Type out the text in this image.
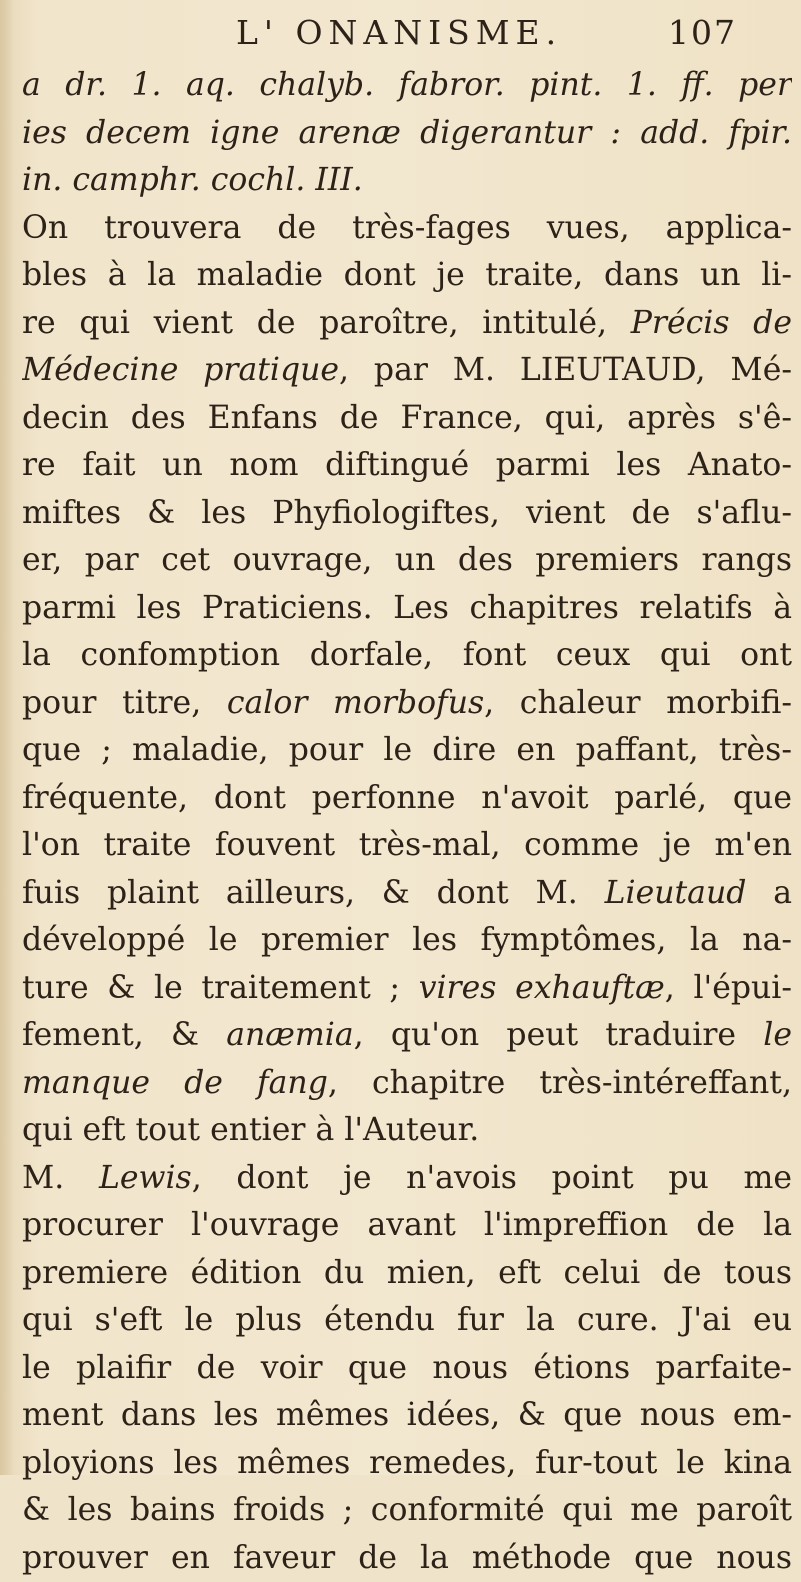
L' ONANISME.	107
a dr. 1. aq. chalyb. fabror. pint. 1. ff. per
ies decem igne arenæ digerantur : add. fpir.
in. camphr. cochl. III.
On trouvera de très-fages vues, applica-
bles à la maladie dont je traite, dans un li-
re qui vient de paroître, intitulé, Précis de
Médecine pratique, par M. LIEUTAUD, Mé-
decin des Enfans de France, qui, après s'ê-
re fait un nom diftingué parmi les Anato-
miftes & les Phyfiologiftes, vient de s'aflu-
er, par cet ouvrage, un des premiers rangs
parmi les Praticiens. Les chapitres relatifs à
la confomption dorfale, font ceux qui ont
pour titre, calor morbofus, chaleur morbifi-
que ; maladie, pour le dire en paffant, très-
fréquente, dont perfonne n'avoit parlé, que
l'on traite fouvent très-mal, comme je m'en
fuis plaint ailleurs, & dont M. Lieutaud a
développé le premier les fymptômes, la na-
ture & le traitement ; vires exhauftæ, l'épui-
fement, & anæmia, qu'on peut traduire le
manque de fang, chapitre très-intéreffant,
qui eft tout entier à l'Auteur.
M. Lewis, dont je n'avois point pu me
procurer l'ouvrage avant l'impreffion de la
premiere édition du mien, eft celui de tous
qui s'eft le plus étendu fur la cure. J'ai eu
le plaifir de voir que nous étions parfaite-
ment dans les mêmes idées, & que nous em-
ployions les mêmes remedes, fur-tout le kina
& les bains froids ; conformité qui me paroît
prouver en faveur de la méthode que nous
